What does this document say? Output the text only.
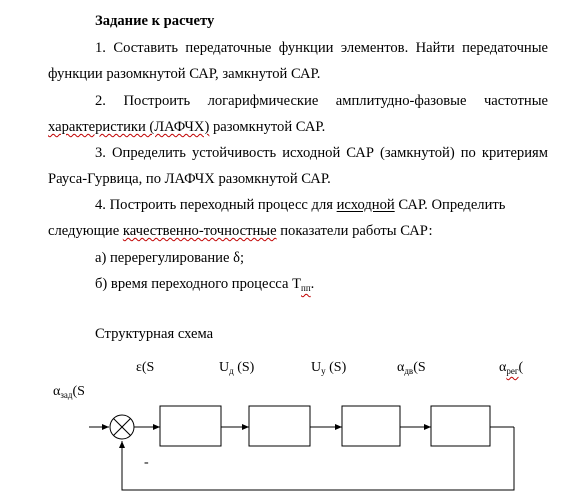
Задание к расчету
1. Составить передаточные функции элементов. Найти передаточные
функции разомкнутой САР, замкнутой САР.
2. Построить логарифмические амплитудно-фазовые частотные
характеристики (ЛАФЧХ) разомкнутой САР.
3. Определить устойчивость исходной САР (замкнутой) по критериям
Рауса-Гурвица, по ЛАФЧХ разомкнутой САР.
4. Построить переходный процесс для исходной САР. Определить
следующие качественно-точностные показатели работы САР:
а) перерегулирование δ;
б) время переходного процесса $T_{пп}$.
Структурная схема
$\alpha_{зад}(S$
ε(S	$U_д$ (S)	$U_у$ (S)	$\alpha_{дв}(S$	$\alpha_{рег}$(
-
